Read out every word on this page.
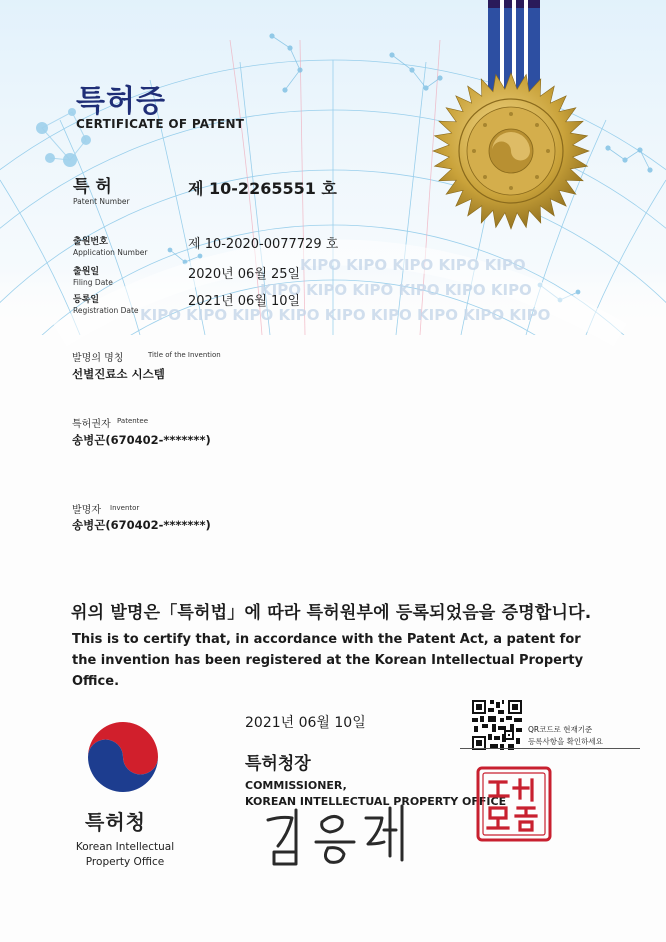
KIPO KIPO KIPO KIPO KIPO
KIPO KIPO KIPO KIPO KIPO KIPO
KIPO KIPO KIPO KIPO KIPO KIPO KIPO KIPO KIPO
특허증
CERTIFICATE OF PATENT
특 허
Patent Number
제 10-2265551 호
출원번호
Application Number
제 10-2020-0077729 호
출원일
Filing Date
2020년 06월 25일
등록일
Registration Date
2021년 06월 10일
발명의 명칭	Title of the Invention
선별진료소 시스템
특허권자 Patentee
송병곤(670402-*******)
발명자 Inventor
송병곤(670402-*******)
위의 발명은「특허법」에 따라 특허원부에 등록되었음을 증명합니다.
This is to certify that, in accordance with the Patent Act, a patent for the invention has been registered at the Korean Intellectual Property Office.
2021년 06월 10일	QR코드로 현재기준
등록사항을 확인하세요
특허청장
COMMISSIONER,
KOREAN INTELLECTUAL PROPERTY OFFICE
특허청
Korean Intellectual
Property Office
